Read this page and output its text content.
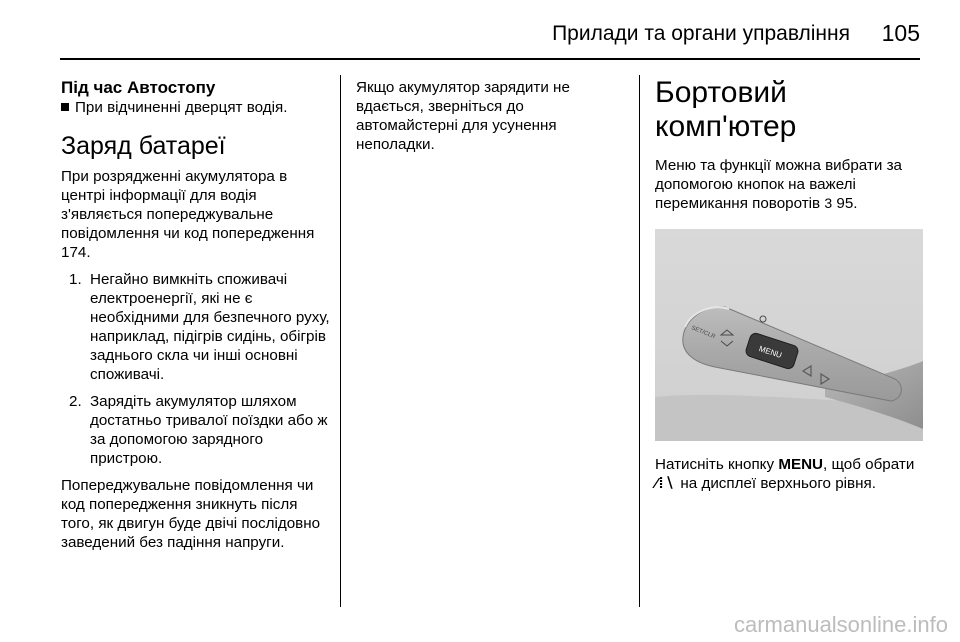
Прилади та органи управління 105

Під час Автостопу

При відчиненні дверцят водія.

Заряд батареї

При розрядженні акумулятора в центрі інформації для водія з'являється попереджувальне повідомлення чи код попередження 174.

1. Негайно вимкніть споживачі електроенергії, які не є необхідними для безпечного руху, наприклад, підігрів сидінь, обігрів заднього скла чи інші основні споживачі.
2. Зарядіть акумулятор шляхом достатньо тривалої поїздки або ж за допомогою зарядного пристрою.

Попереджувальне повідомлення чи код попередження зникнуть після того, як двигун буде двічі послідовно заведений без падіння напруги.

Якщо акумулятор зарядити не вдається, зверніться до автомайстерні для усунення неполадки.

Бортовий комп'ютер

Меню та функції можна вибрати за допомогою кнопок на важелі перемикання поворотів 3 95.

MENU
SET/CLR

Натисніть кнопку MENU, щоб обрати ⁄⁞∖ на дисплеї верхнього рівня.

carmanualsonline.info
